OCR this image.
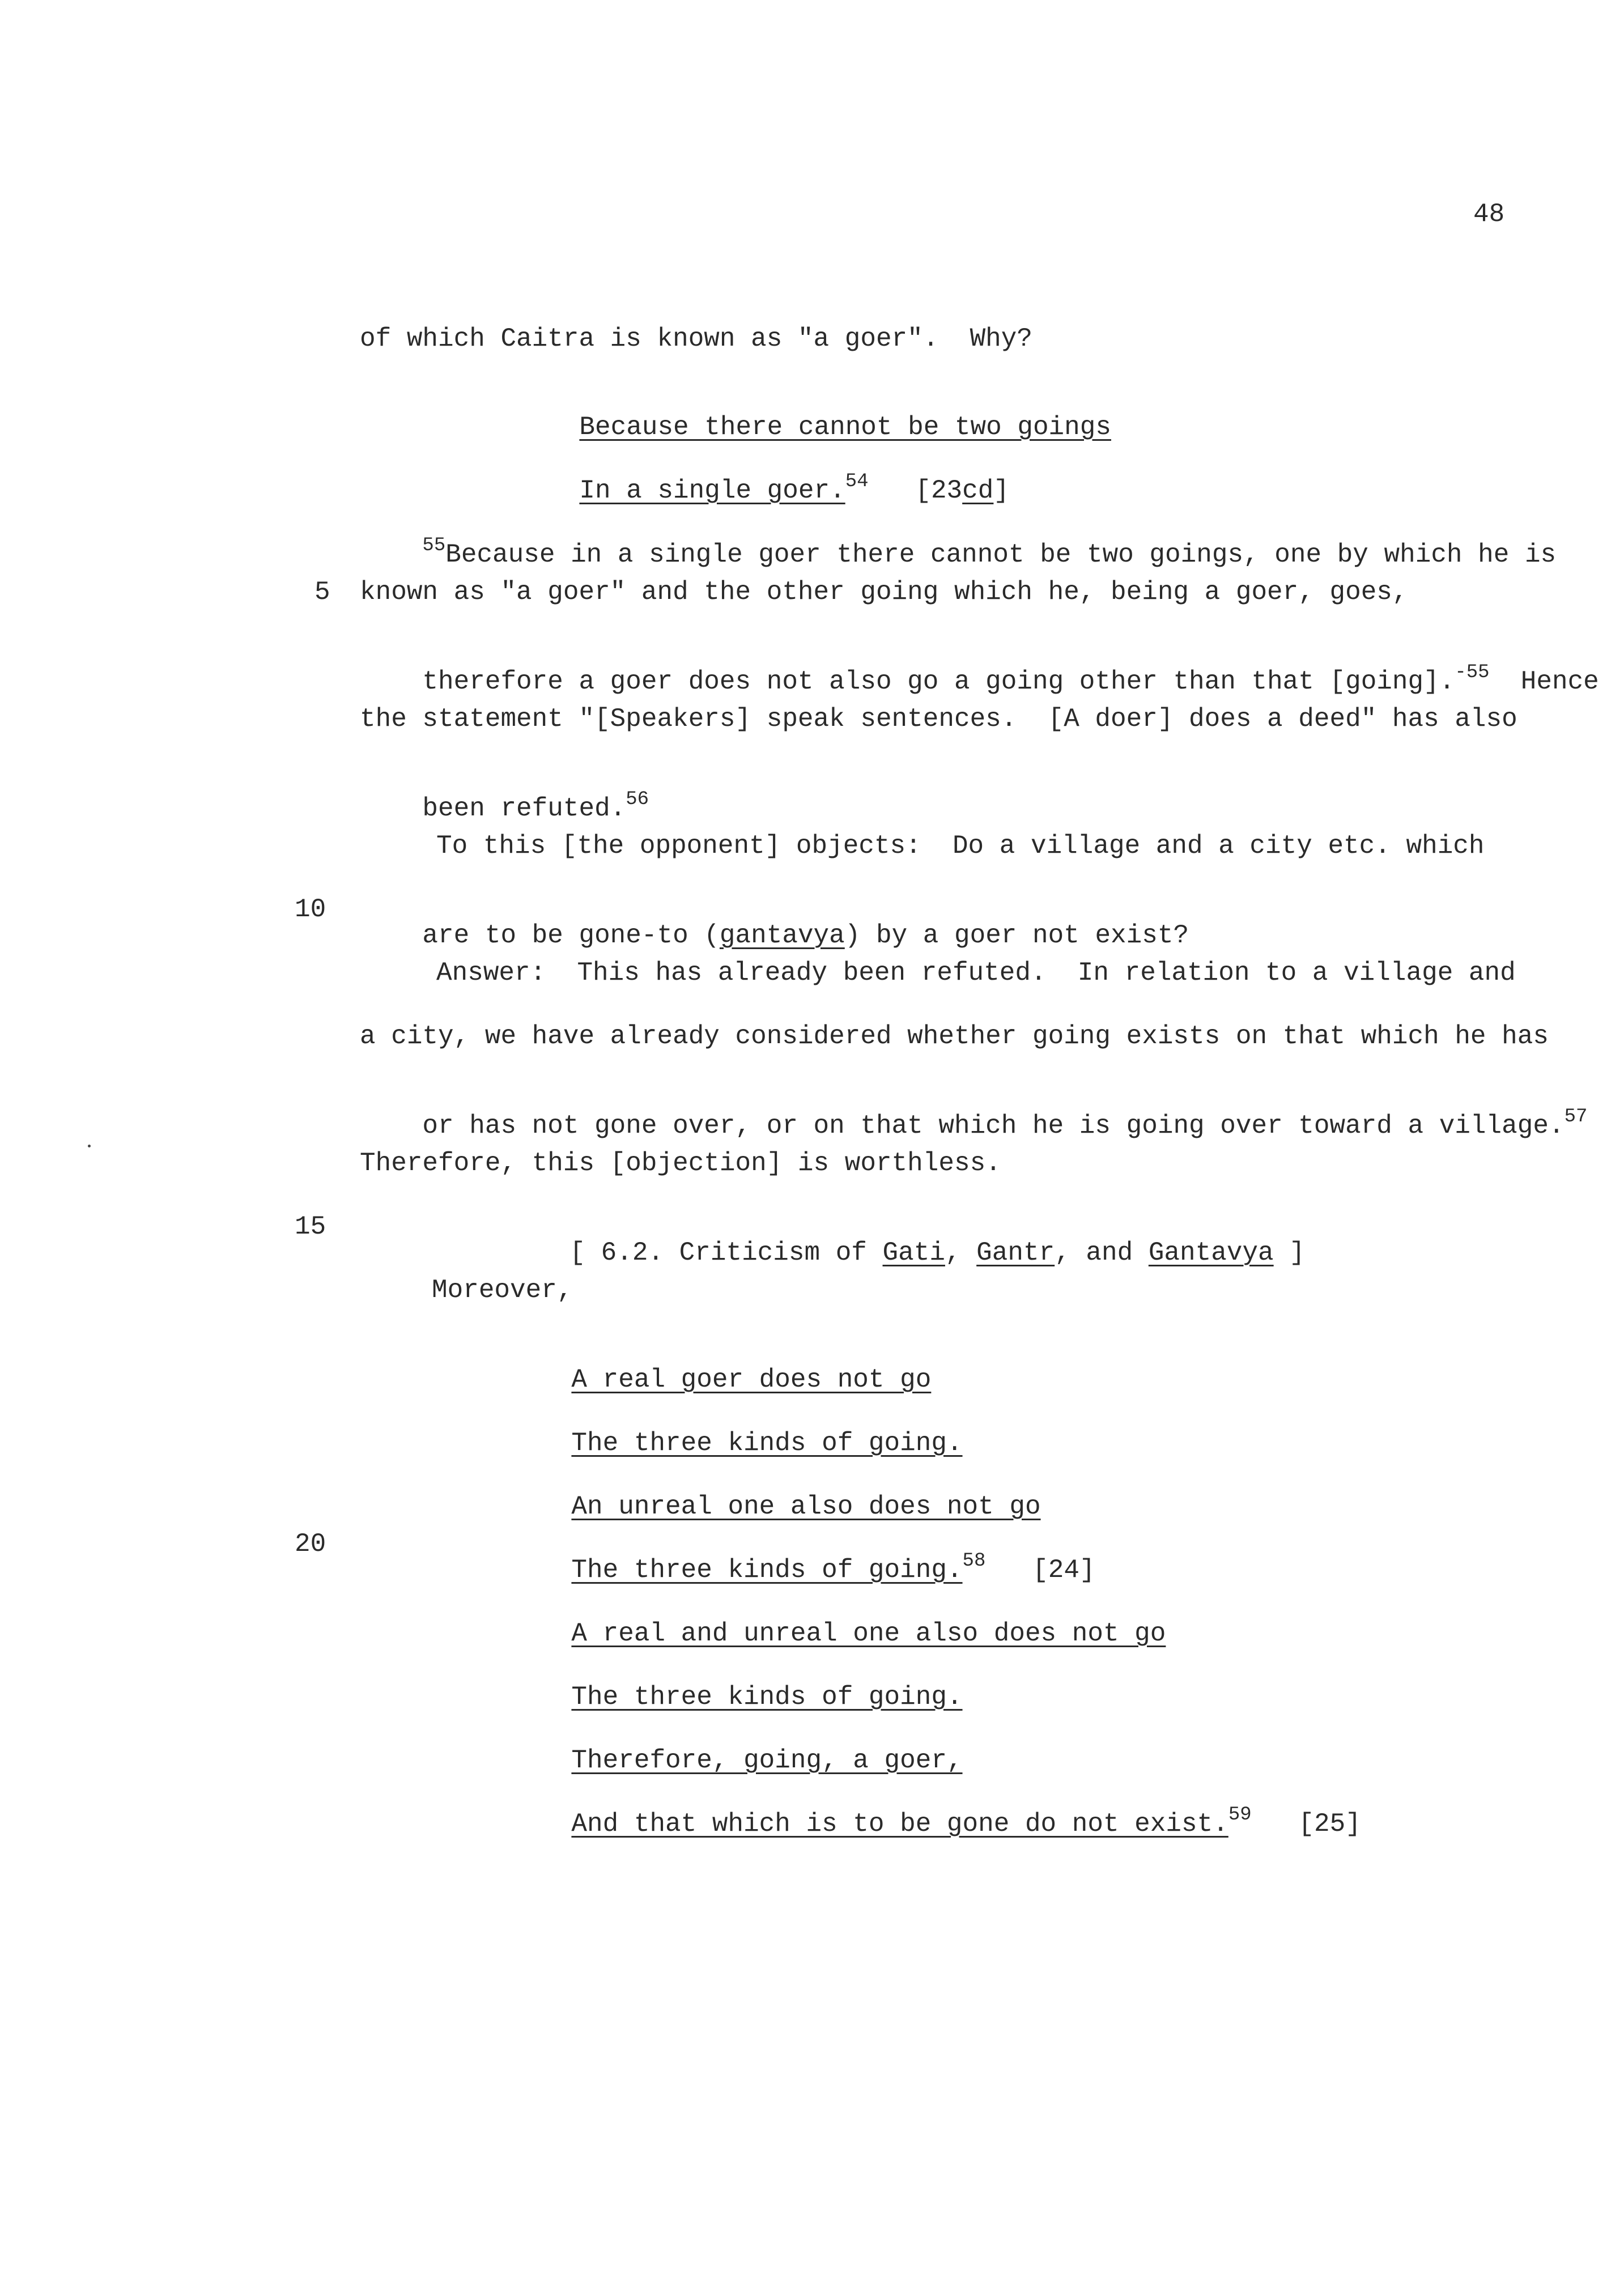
48
of which Caitra is known as "a goer".  Why?

Because there cannot be two goings

In a single goer.$^{54}$ [23cd]

$^{55}$Because in a single goer there cannot be two goings, one by which he is

5 known as "a goer" and the other going which he, being a goer, goes,

therefore a goer does not also go a going other than that [going].$^{-55}$  Hence

the statement "[Speakers] speak sentences.  [A doer] does a deed" has also

been refuted.$^{56}$

To this [the opponent] objects:  Do a village and a city etc. which
10

are to be gone-to (gantavya) by a goer not exist?

Answer:  This has already been refuted.  In relation to a village and
a city, we have already considered whether going exists on that which he has

or has not gone over, or on that which he is going over toward a village.$^{57}$

Therefore, this [objection] is worthless.
15

[ 6.2. Criticism of Gati, Gantr, and Gantavya ]

Moreover,

A real goer does not go

The three kinds of going.

An unreal one also does not go

20

The three kinds of going.$^{58}$ [24]

A real and unreal one also does not go

The three kinds of going.

Therefore, going, a goer,

And that which is to be gone do not exist.$^{59}$ [25]
